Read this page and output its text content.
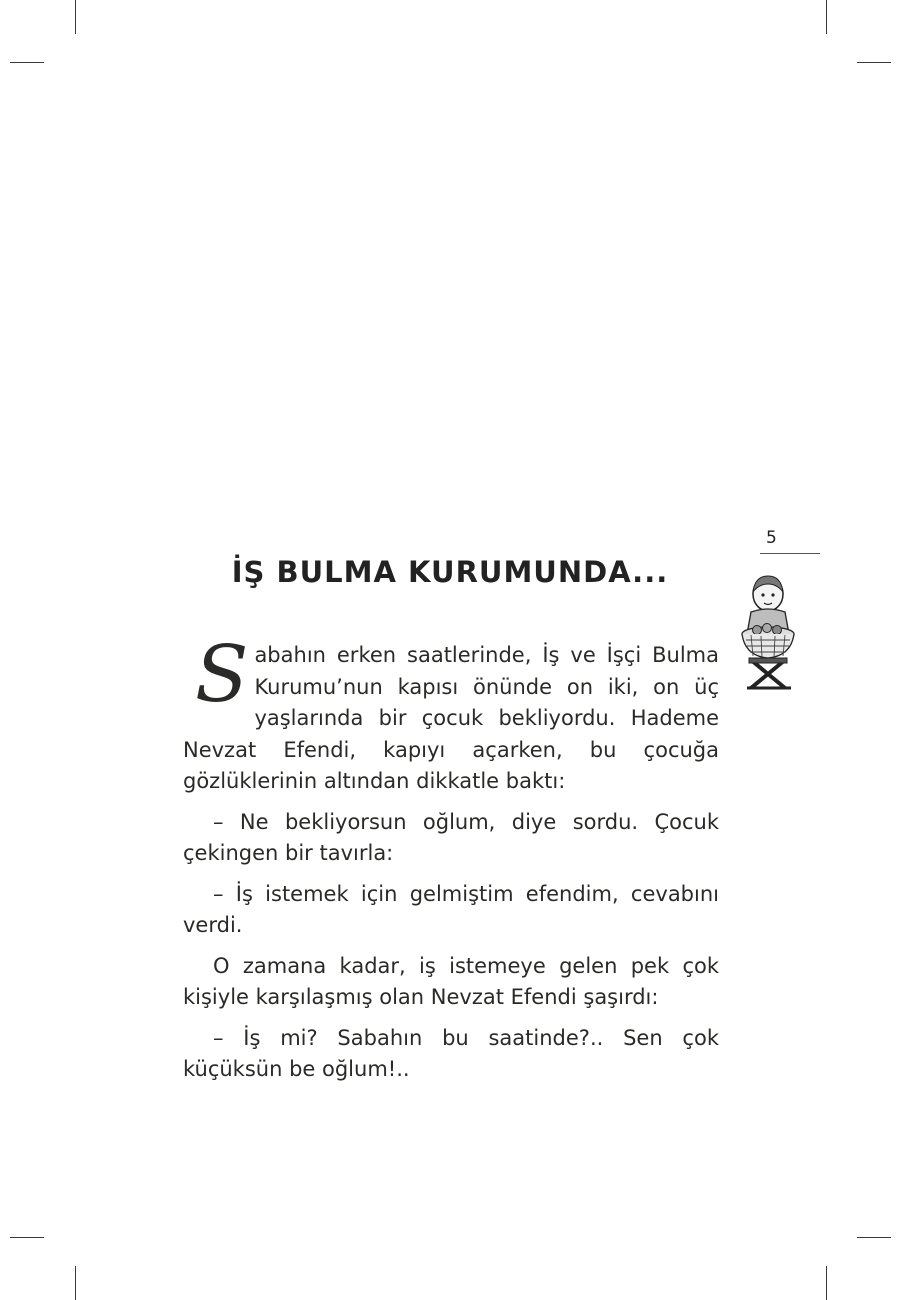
5
İŞ BULMA KURUMUNDA...

Sabahın erken saatlerinde, İş ve İşçi Bulma Kurumu’nun kapısı önünde on iki, on üç yaşlarında bir çocuk bekliyordu. Hademe Nevzat Efendi, kapıyı açarken, bu çocuğa gözlüklerinin altından dikkatle baktı:

– Ne bekliyorsun oğlum, diye sordu. Çocuk çekingen bir tavırla:

– İş istemek için gelmiştim efendim, cevabını verdi.

O zamana kadar, iş istemeye gelen pek çok kişiyle karşılaşmış olan Nevzat Efendi şaşırdı:

– İş mi? Sabahın bu saatinde?.. Sen çok küçüksün be oğlum!..
